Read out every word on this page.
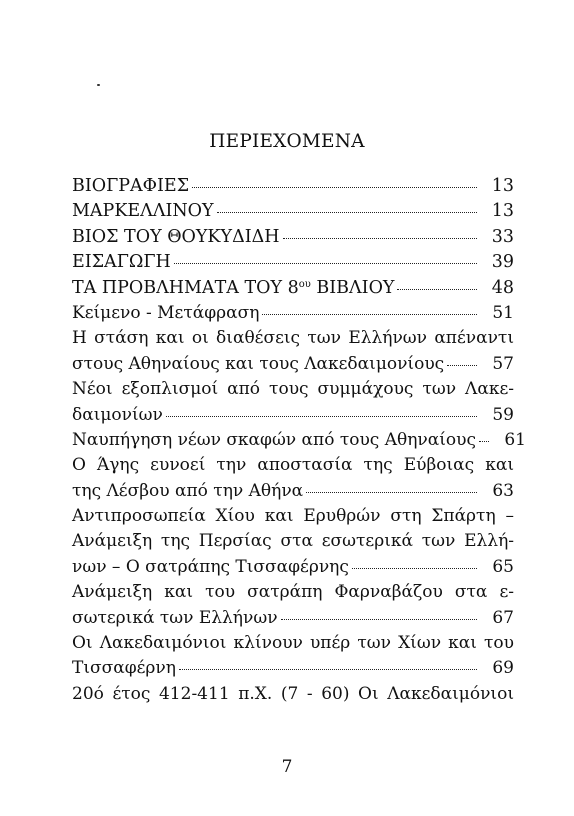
ΠΕΡΙΕΧΟΜΕΝΑ
ΒΙΟΓΡΑΦΙΕΣ	13
ΜΑΡΚΕΛΛΙΝΟΥ	13
ΒΙΟΣ ΤΟΥ ΘΟΥΚΥΔΙΔΗ	33
ΕΙΣΑΓΩΓΗ	39
ΤΑ ΠΡΟΒΛΗΜΑΤΑ ΤΟΥ $8^{o\upsilon}$ ΒΙΒΛΙΟΥ	48
Κείμενο - Μετάφραση	51
Η στάση και οι διαθέσεις των Ελλήνων απέναντι
στους Αθηναίους και τους Λακεδαιμονίους	57
Νέοι εξοπλισμοί από τους συμμάχους των Λακε-
δαιμονίων	59
Ναυπήγηση νέων σκαφών από τους Αθηναίους	61
Ο Άγης ευνοεί την αποστασία της Εύβοιας και
της Λέσβου από την Αθήνα	63
Αντιπροσωπεία Χίου και Ερυθρών στη Σπάρτη –
Ανάμειξη της Περσίας στα εσωτερικά των Ελλή-
νων – Ο σατράπης Τισσαφέρνης	65
Ανάμειξη και του σατράπη Φαρναβάζου στα ε-
σωτερικά των Ελλήνων	67
Οι Λακεδαιμόνιοι κλίνουν υπέρ των Χίων και του
Τισσαφέρνη	69
20ό έτος 412-411 π.Χ. (7 - 60) Οι Λακεδαιμόνιοι
7
